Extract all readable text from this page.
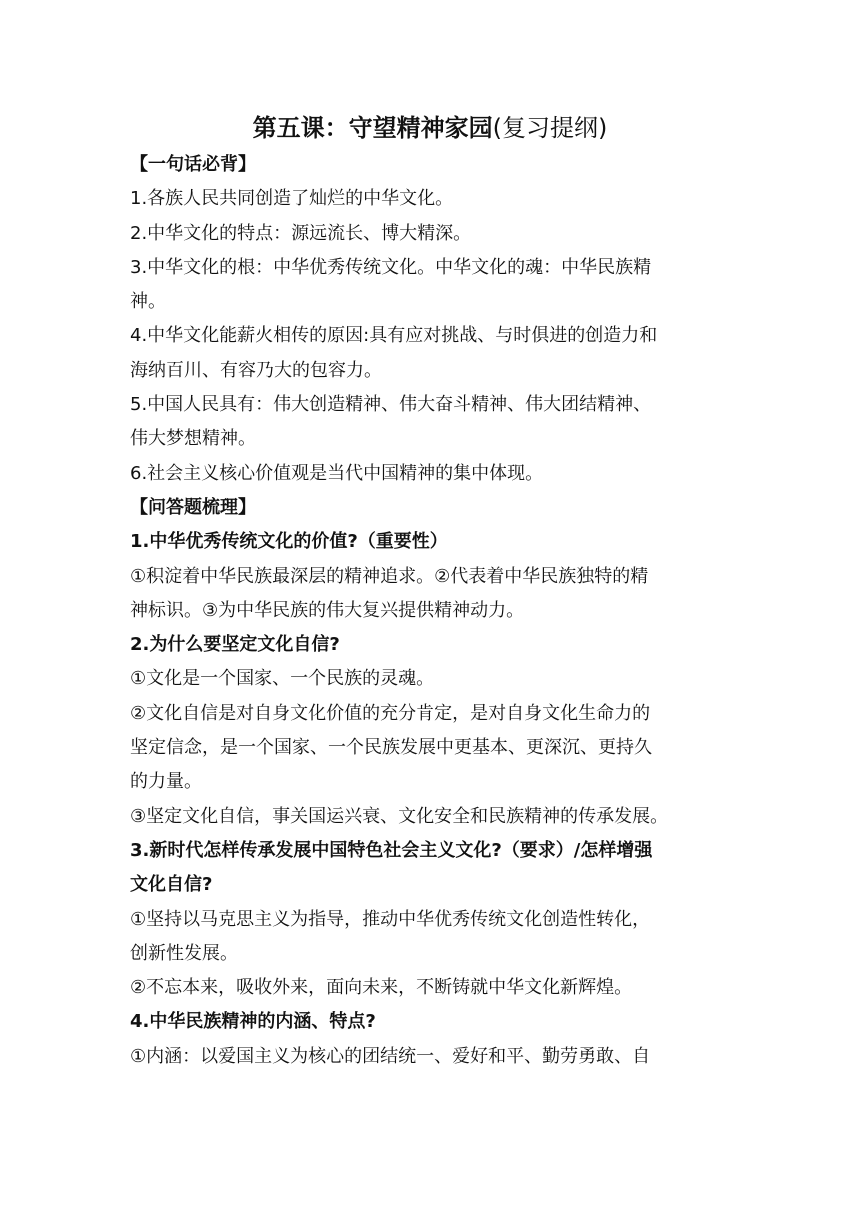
第五课：守望精神家园(复习提纲)
【一句话必背】
1.各族人民共同创造了灿烂的中华文化。
2.中华文化的特点：源远流长、博大精深。
3.中华文化的根：中华优秀传统文化。中华文化的魂：中华民族精
神。
4.中华文化能薪火相传的原因:具有应对挑战、与时俱进的创造力和
海纳百川、有容乃大的包容力。
5.中国人民具有：伟大创造精神、伟大奋斗精神、伟大团结精神、
伟大梦想精神。
6.社会主义核心价值观是当代中国精神的集中体现。
【问答题梳理】
1.中华优秀传统文化的价值?（重要性）
①积淀着中华民族最深层的精神追求。②代表着中华民族独特的精
神标识。③为中华民族的伟大复兴提供精神动力。
2.为什么要坚定文化自信?
①文化是一个国家、一个民族的灵魂。
②文化自信是对自身文化价值的充分肯定，是对自身文化生命力的
坚定信念，是一个国家、一个民族发展中更基本、更深沉、更持久
的力量。
③坚定文化自信，事关国运兴衰、文化安全和民族精神的传承发展。
3.新时代怎样传承发展中国特色社会主义文化?（要求）/怎样增强
文化自信?
①坚持以马克思主义为指导，推动中华优秀传统文化创造性转化，
创新性发展。
②不忘本来，吸收外来，面向未来，不断铸就中华文化新辉煌。
4.中华民族精神的内涵、特点?
①内涵：以爱国主义为核心的团结统一、爱好和平、勤劳勇敢、自
